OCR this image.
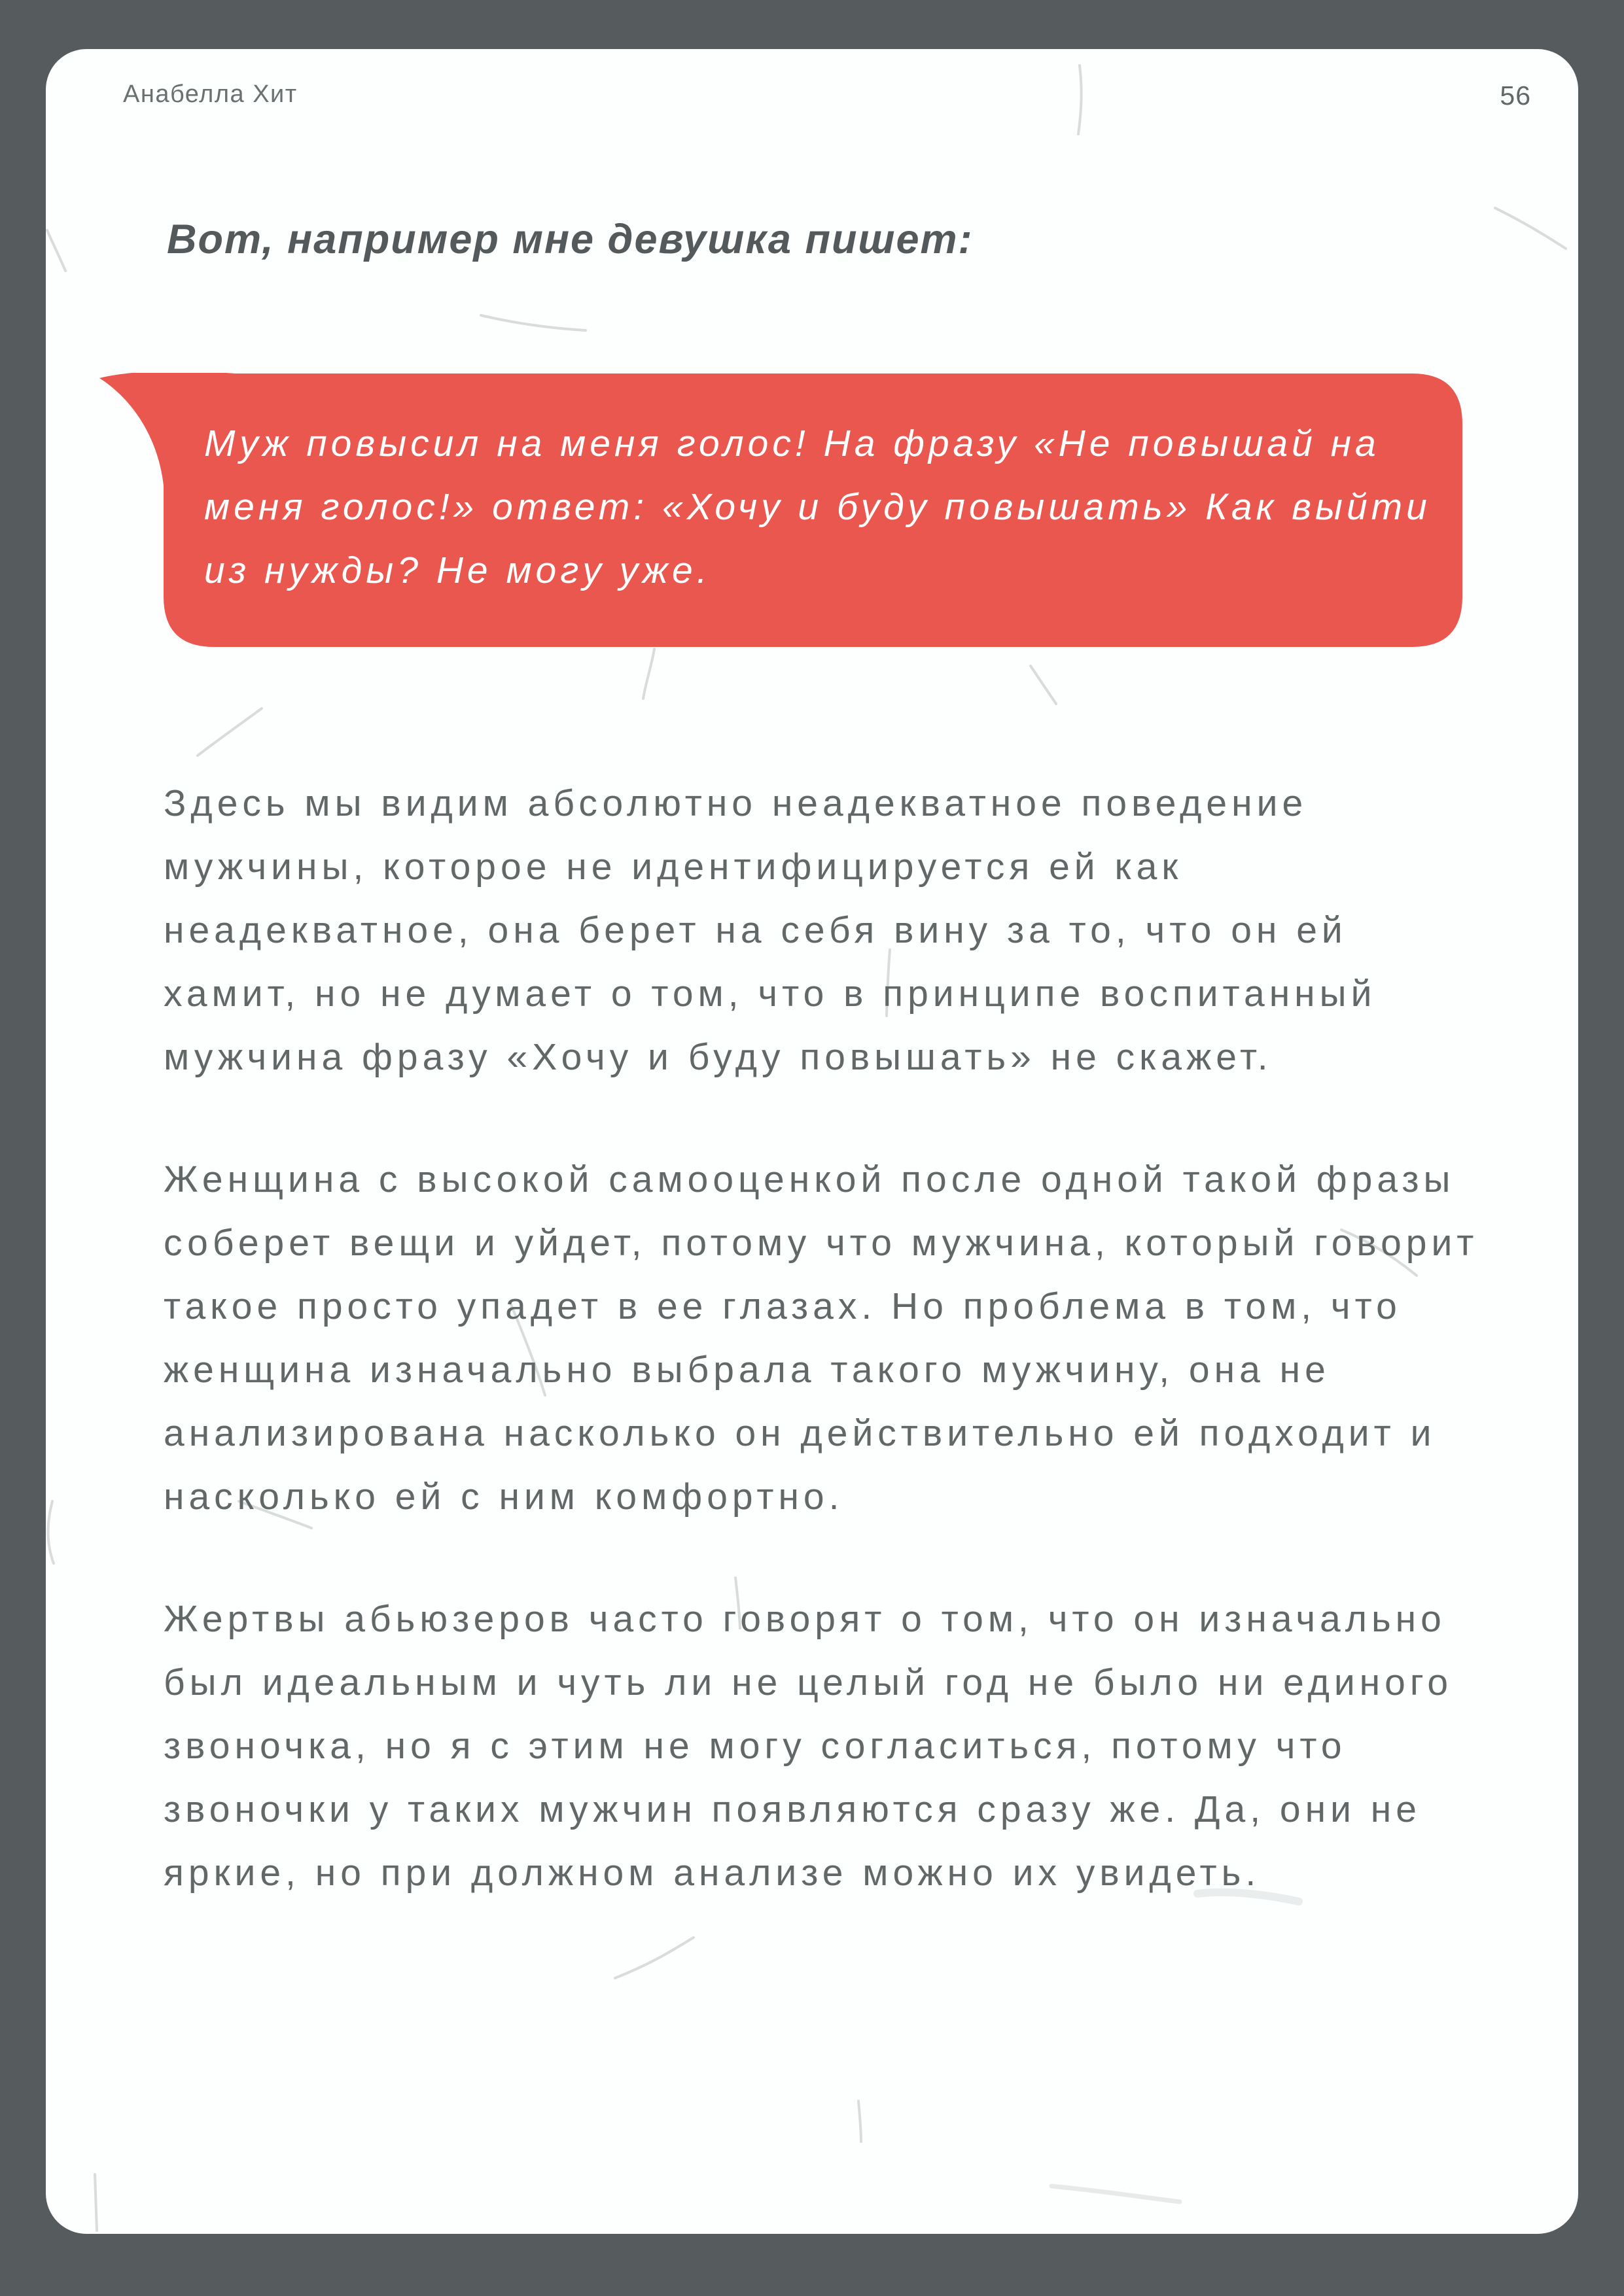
Анабелла Хит	56
Вот, например мне девушка пишет:
Муж повысил на меня голос! На фразу «Не повышай на меня голос!» ответ: «Хочу и буду повышать» Как выйти из нужды? Не могу уже.

Здесь мы видим абсолютно неадекватное поведение мужчины, которое не идентифицируется ей как неадекватное, она берет на себя вину за то, что он ей хамит, но не думает о том, что в принципе воспитанный мужчина фразу «Хочу и буду повышать» не скажет.

Женщина с высокой самооценкой после одной такой фразы соберет вещи и уйдет, потому что мужчина, который говорит такое просто упадет в ее глазах. Но проблема в том, что женщина изначально выбрала такого мужчину, она не анализирована насколько он действительно ей подходит и насколько ей с ним комфортно.

Жертвы абьюзеров часто говорят о том, что он изначально был идеальным и чуть ли не целый год не было ни единого звоночка, но я с этим не могу согласиться, потому что звоночки у таких мужчин появляются сразу же. Да, они не яркие, но при должном анализе можно их увидеть.
